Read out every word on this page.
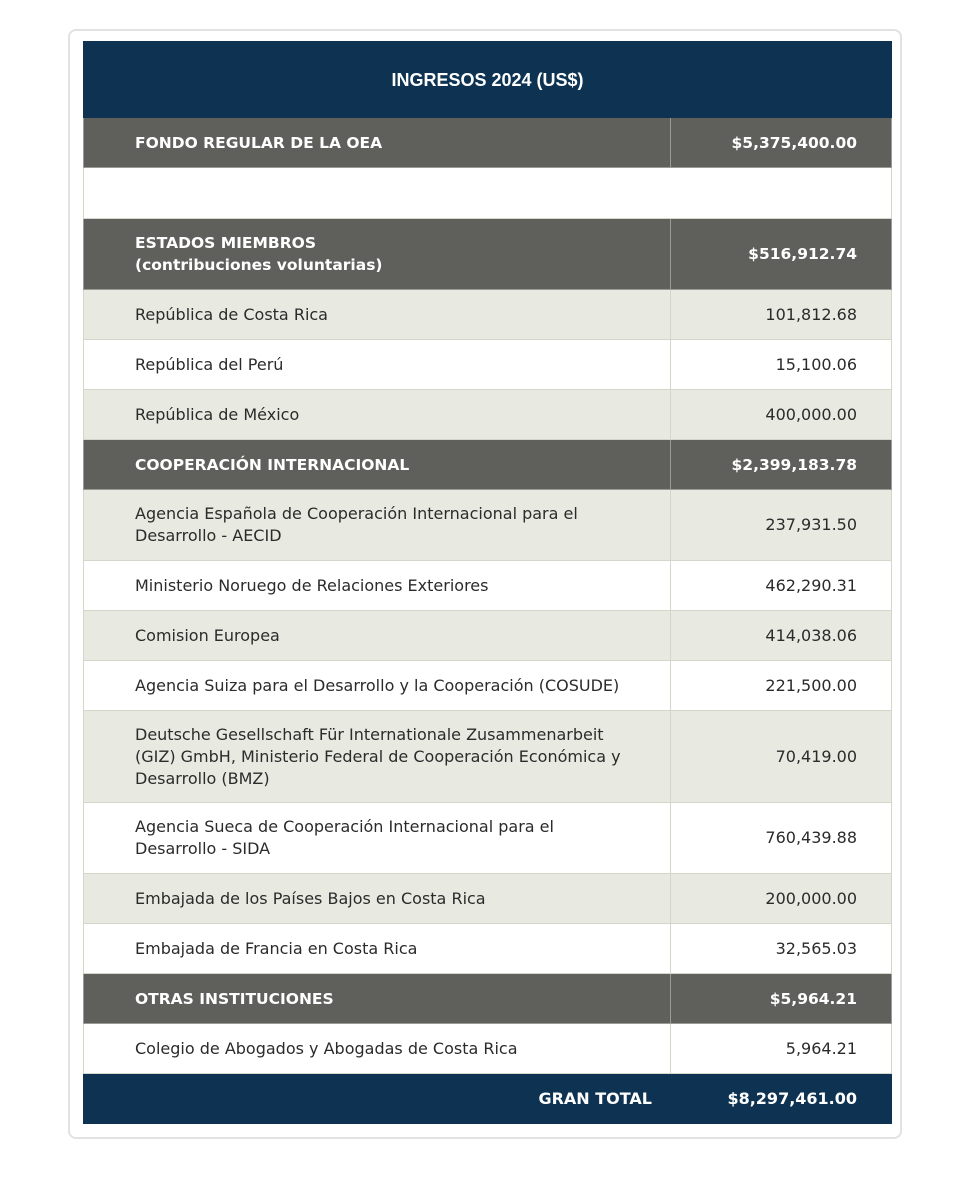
INGRESOS 2024 (US$)	
FONDO REGULAR DE LA OEA	$5,375,400.00

ESTADOS MIEMBROS
(contribuciones voluntarias)	$516,912.74
República de Costa Rica	101,812.68
República del Perú	15,100.06
República de México	400,000.00
COOPERACIÓN INTERNACIONAL	$2,399,183.78
Agencia Española de Cooperación Internacional para el Desarrollo - AECID	237,931.50
Ministerio Noruego de Relaciones Exteriores	462,290.31
Comision Europea	414,038.06
Agencia Suiza para el Desarrollo y la Cooperación (COSUDE)	221,500.00
Deutsche Gesellschaft Für Internationale Zusammenarbeit (GIZ) GmbH, Ministerio Federal de Cooperación Económica y Desarrollo (BMZ)	70,419.00
Agencia Sueca de Cooperación Internacional para el Desarrollo - SIDA	760,439.88
Embajada de los Países Bajos en Costa Rica	200,000.00
Embajada de Francia en Costa Rica	32,565.03
OTRAS INSTITUCIONES	$5,964.21
Colegio de Abogados y Abogadas de Costa Rica	5,964.21
GRAN TOTAL	$8,297,461.00
